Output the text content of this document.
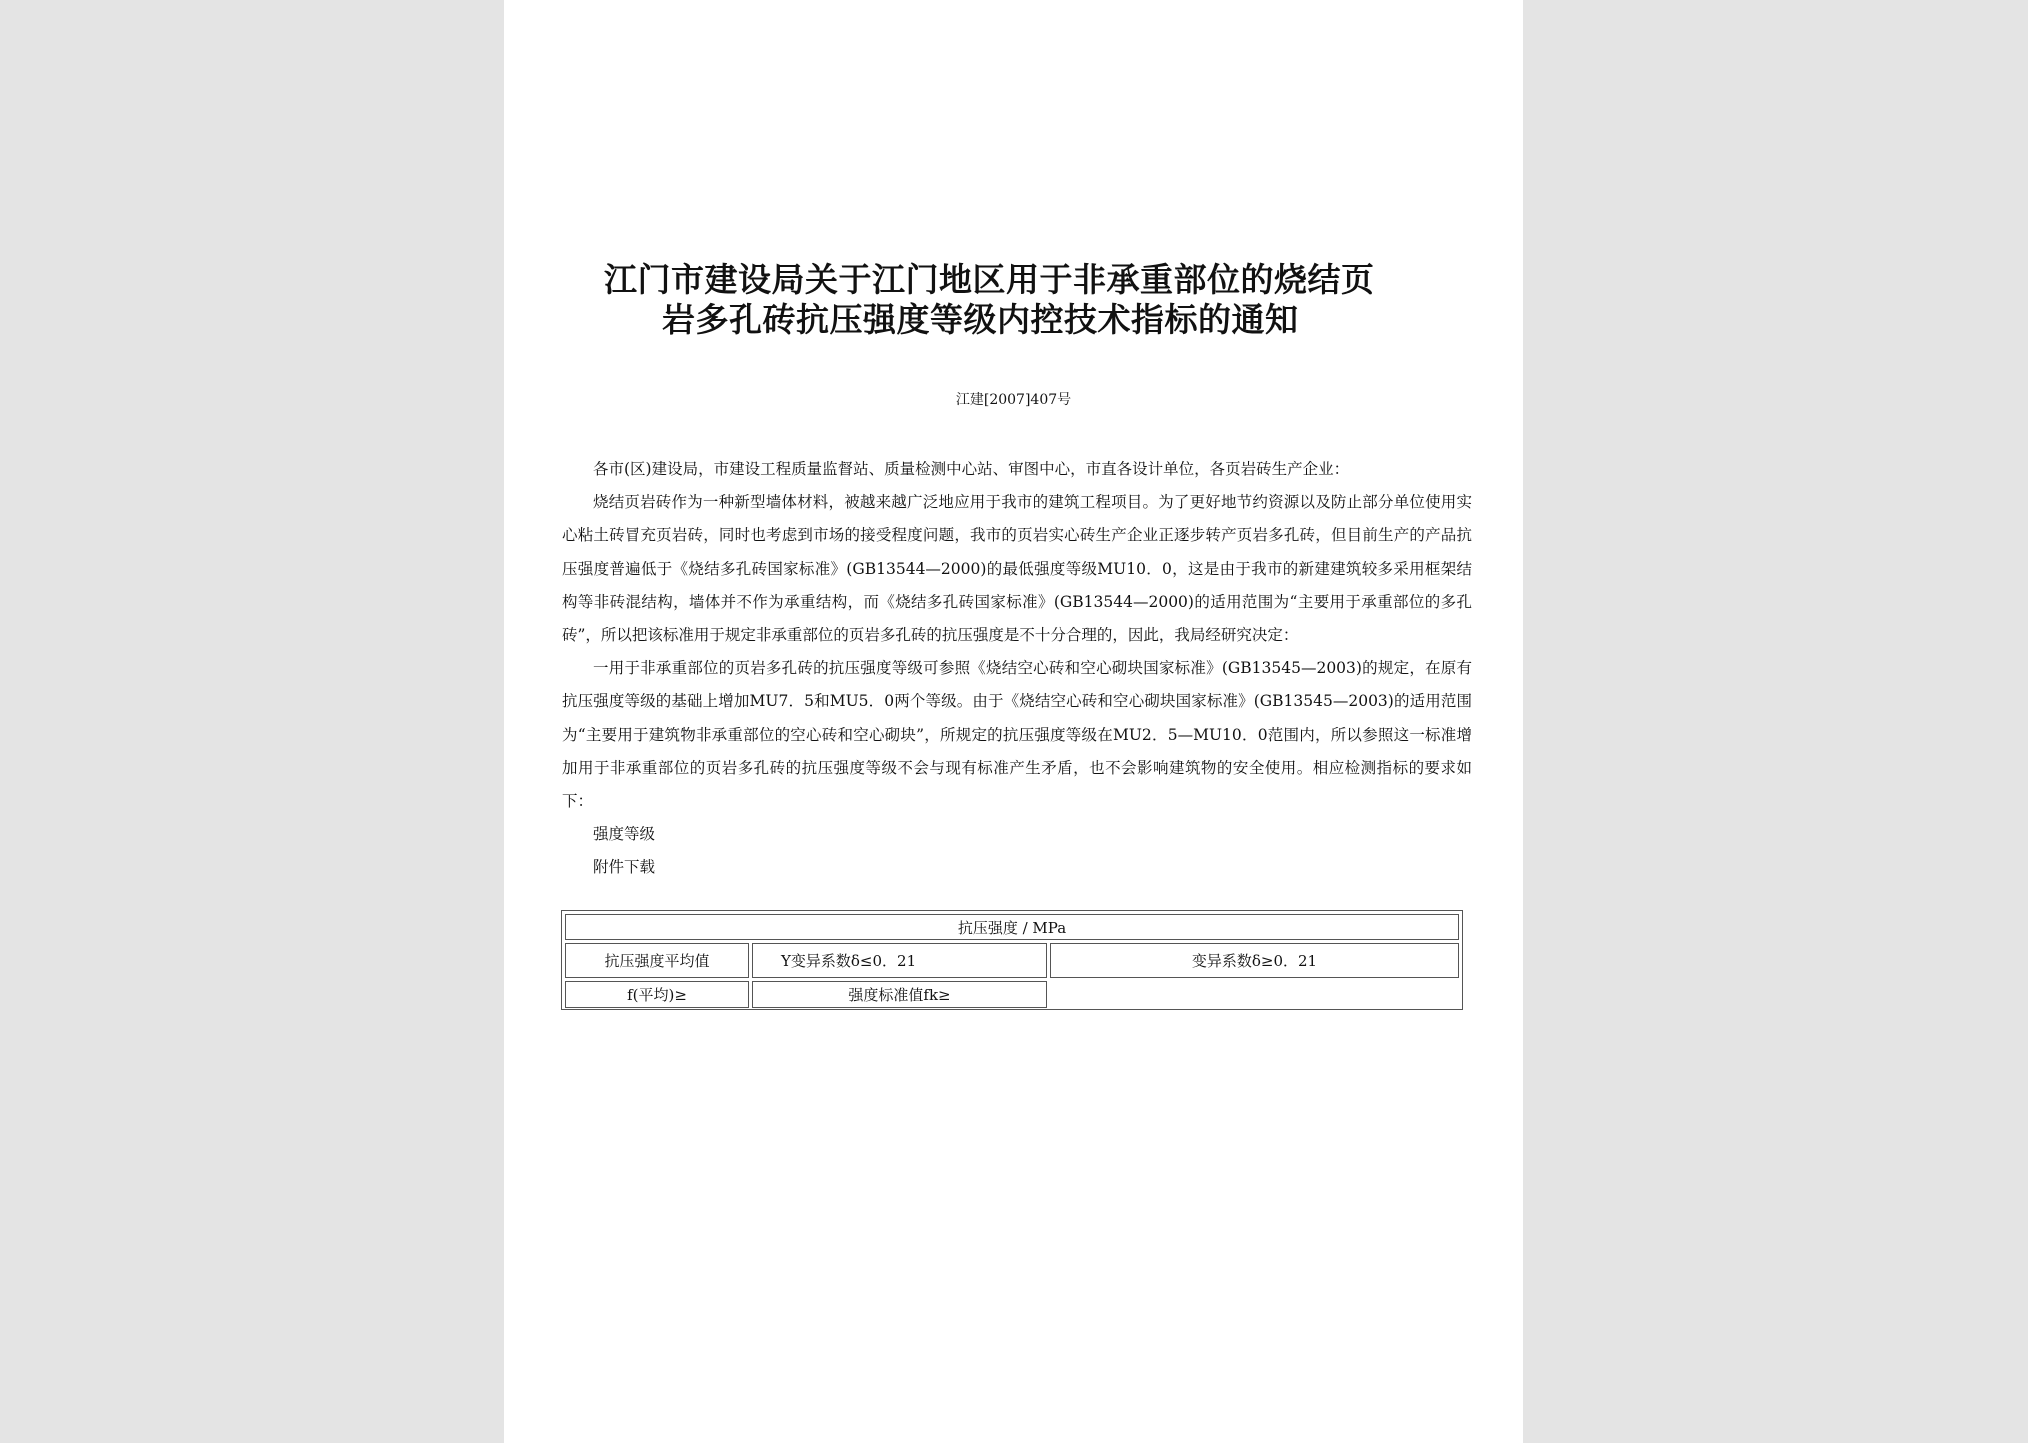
江门市建设局关于江门地区用于非承重部位的烧结页
岩多孔砖抗压强度等级内控技术指标的通知
江建[2007]407号

各市(区)建设局，市建设工程质量监督站、质量检测中心站、审图中心，市直各设计单位，各页岩砖生产企业：

烧结页岩砖作为一种新型墙体材料，被越来越广泛地应用于我市的建筑工程项目。为了更好地节约资源以及防止部分单位使用实心粘土砖冒充页岩砖，同时也考虑到市场的接受程度问题，我市的页岩实心砖生产企业正逐步转产页岩多孔砖，但目前生产的产品抗压强度普遍低于《烧结多孔砖国家标准》(GB13544—2000)的最低强度等级MU10．0，这是由于我市的新建建筑较多采用框架结构等非砖混结构，墙体并不作为承重结构，而《烧结多孔砖国家标准》(GB13544—2000)的适用范围为“主要用于承重部位的多孔砖”，所以把该标准用于规定非承重部位的页岩多孔砖的抗压强度是不十分合理的，因此，我局经研究决定：

一用于非承重部位的页岩多孔砖的抗压强度等级可参照《烧结空心砖和空心砌块国家标准》(GB13545—2003)的规定，在原有抗压强度等级的基础上增加MU7．5和MU5．0两个等级。由于《烧结空心砖和空心砌块国家标准》(GB13545—2003)的适用范围为“主要用于建筑物非承重部位的空心砖和空心砌块”，所规定的抗压强度等级在MU2．5—MU10．0范围内，所以参照这一标准增加用于非承重部位的页岩多孔砖的抗压强度等级不会与现有标准产生矛盾，也不会影响建筑物的安全使用。相应检测指标的要求如下：

强度等级

附件下载

抗压强度 / MPa
抗压强度平均值	Y变异系数δ≤0．21	变异系数δ≥0．21
f(平均)≥	强度标准值fk≥
